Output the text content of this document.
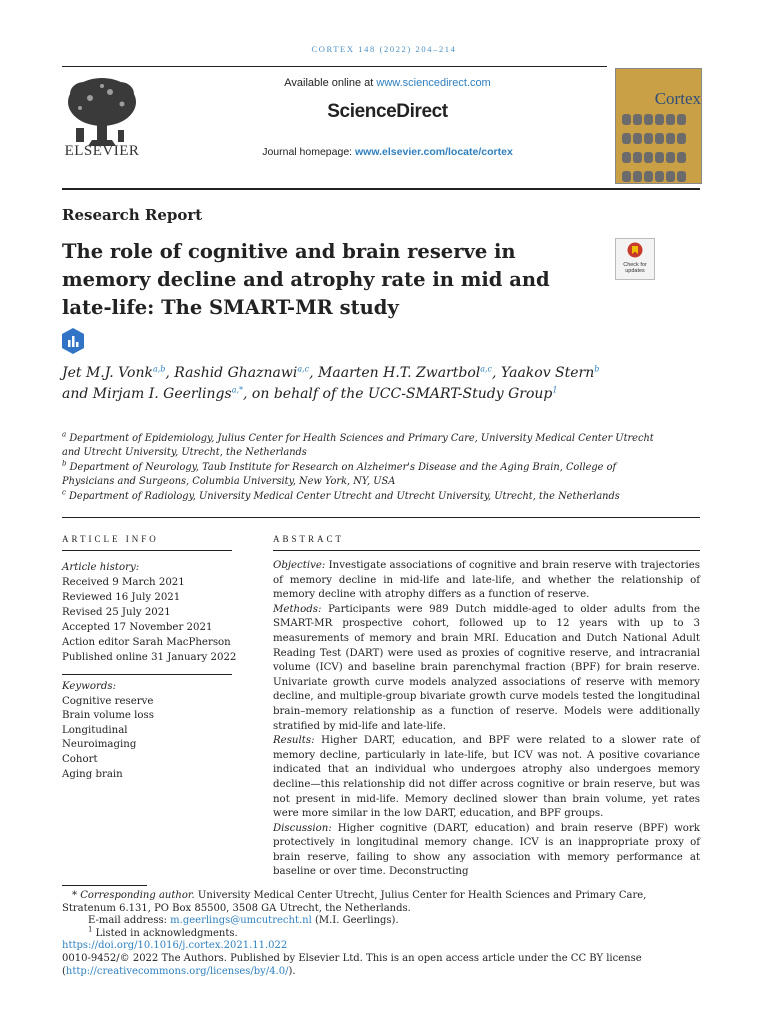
CORTEX 148 (2022) 204–214
ELSEVIER
Available online at www.sciencedirect.com
ScienceDirect
Journal homepage: www.elsevier.com/locate/cortex
Cortex
Research Report
The role of cognitive and brain reserve in memory decline and atrophy rate in mid and late-life: The SMART-MR study
Check for
updates
Jet M.J. Vonk$^{a,b}$, Rashid Ghaznawi$^{a,c}$, Maarten H.T. Zwartbol$^{a,c}$, Yaakov Stern$^b$ and Mirjam I. Geerlings$^{a,*}$, on behalf of the UCC-SMART-Study Group$^1$
$^a$ Department of Epidemiology, Julius Center for Health Sciences and Primary Care, University Medical Center Utrecht and Utrecht University, Utrecht, the Netherlands
$^b$ Department of Neurology, Taub Institute for Research on Alzheimer's Disease and the Aging Brain, College of Physicians and Surgeons, Columbia University, New York, NY, USA
$^c$ Department of Radiology, University Medical Center Utrecht and Utrecht University, Utrecht, the Netherlands
ARTICLE INFO	ABSTRACT
Article history:
Received 9 March 2021
Reviewed 16 July 2021
Revised 25 July 2021
Accepted 17 November 2021
Action editor Sarah MacPherson
Published online 31 January 2022
Keywords:
Cognitive reserve
Brain volume loss
Longitudinal
Neuroimaging
Cohort
Aging brain

Objective: Investigate associations of cognitive and brain reserve with trajectories of memory decline in mid-life and late-life, and whether the relationship of memory decline with atrophy differs as a function of reserve.

Methods: Participants were 989 Dutch middle-aged to older adults from the SMART-MR prospective cohort, followed up to 12 years with up to 3 measurements of memory and brain MRI. Education and Dutch National Adult Reading Test (DART) were used as proxies of cognitive reserve, and intracranial volume (ICV) and baseline brain parenchymal fraction (BPF) for brain reserve. Univariate growth curve models analyzed associations of reserve with memory decline, and multiple-group bivariate growth curve models tested the longitudinal brain–memory relationship as a function of reserve. Models were additionally stratified by mid-life and late-life.

Results: Higher DART, education, and BPF were related to a slower rate of memory decline, particularly in late-life, but ICV was not. A positive covariance indicated that an individual who undergoes atrophy also undergoes memory decline—this relationship did not differ across cognitive or brain reserve, but was not present in mid-life. Memory declined slower than brain volume, yet rates were more similar in the low DART, education, and BPF groups.

Discussion: Higher cognitive (DART, education) and brain reserve (BPF) work protectively in longitudinal memory change. ICV is an inappropriate proxy of brain reserve, failing to show any association with memory performance at baseline or over time. Deconstructing

* Corresponding author. University Medical Center Utrecht, Julius Center for Health Sciences and Primary Care, Stratenum 6.131, PO Box 85500, 3508 GA Utrecht, the Netherlands.

E-mail address: m.geerlings@umcutrecht.nl (M.I. Geerlings).

$^1$ Listed in acknowledgments.

https://doi.org/10.1016/j.cortex.2021.11.022

0010-9452/© 2022 The Authors. Published by Elsevier Ltd. This is an open access article under the CC BY license (http://creativecommons.org/licenses/by/4.0/).
